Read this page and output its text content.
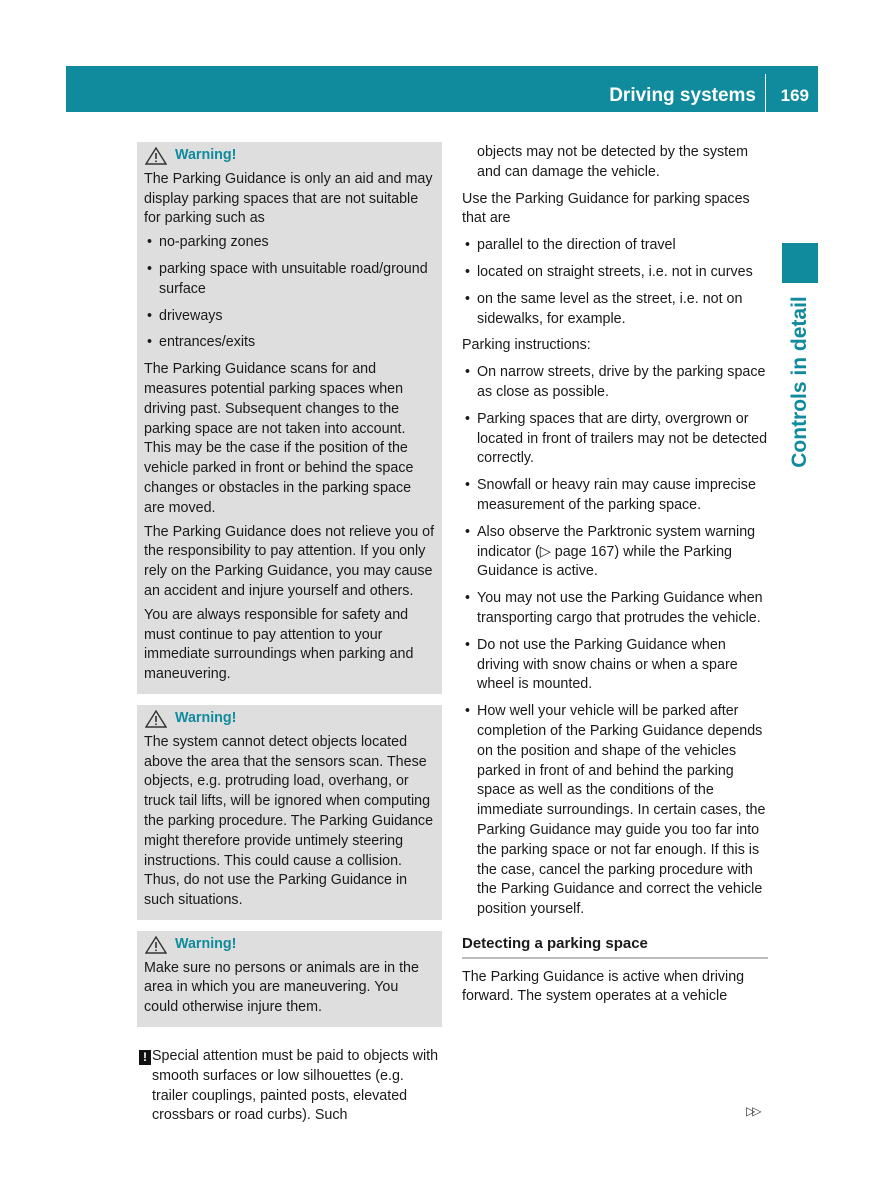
Driving systems 169
Controls in detail
Warning!

The Parking Guidance is only an aid and may display parking spaces that are not suitable for parking such as

• no-parking zones
• parking space with unsuitable road/ground surface
• driveways
• entrances/exits

The Parking Guidance scans for and measures potential parking spaces when driving past. Subsequent changes to the parking space are not taken into account. This may be the case if the position of the vehicle parked in front or behind the space changes or obstacles in the parking space are moved.

The Parking Guidance does not relieve you of the responsibility to pay attention. If you only rely on the Parking Guidance, you may cause an accident and injure yourself and others.

You are always responsible for safety and must continue to pay attention to your immediate surroundings when parking and maneuvering.

Warning!

The system cannot detect objects located above the area that the sensors scan. These objects, e.g. protruding load, overhang, or truck tail lifts, will be ignored when computing the parking procedure. The Parking Guidance might therefore provide untimely steering instructions. This could cause a collision. Thus, do not use the Parking Guidance in such situations.

Warning!

Make sure no persons or animals are in the area in which you are maneuvering. You could otherwise injure them.

! Special attention must be paid to objects with smooth surfaces or low silhouettes (e.g. trailer couplings, painted posts, elevated crossbars or road curbs). Such

objects may not be detected by the system and can damage the vehicle.

Use the Parking Guidance for parking spaces that are

• parallel to the direction of travel
• located on straight streets, i.e. not in curves
• on the same level as the street, i.e. not on sidewalks, for example.

Parking instructions:

• On narrow streets, drive by the parking space as close as possible.
• Parking spaces that are dirty, overgrown or located in front of trailers may not be detected correctly.
• Snowfall or heavy rain may cause imprecise measurement of the parking space.
• Also observe the Parktronic system warning indicator (▷ page 167) while the Parking Guidance is active.
• You may not use the Parking Guidance when transporting cargo that protrudes the vehicle.
• Do not use the Parking Guidance when driving with snow chains or when a spare wheel is mounted.
• How well your vehicle will be parked after completion of the Parking Guidance depends on the position and shape of the vehicles parked in front of and behind the parking space as well as the conditions of the immediate surroundings. In certain cases, the Parking Guidance may guide you too far into the parking space or not far enough. If this is the case, cancel the parking procedure with the Parking Guidance and correct the vehicle position yourself.
Detecting a parking space

The Parking Guidance is active when driving forward. The system operates at a vehicle

▷▷
